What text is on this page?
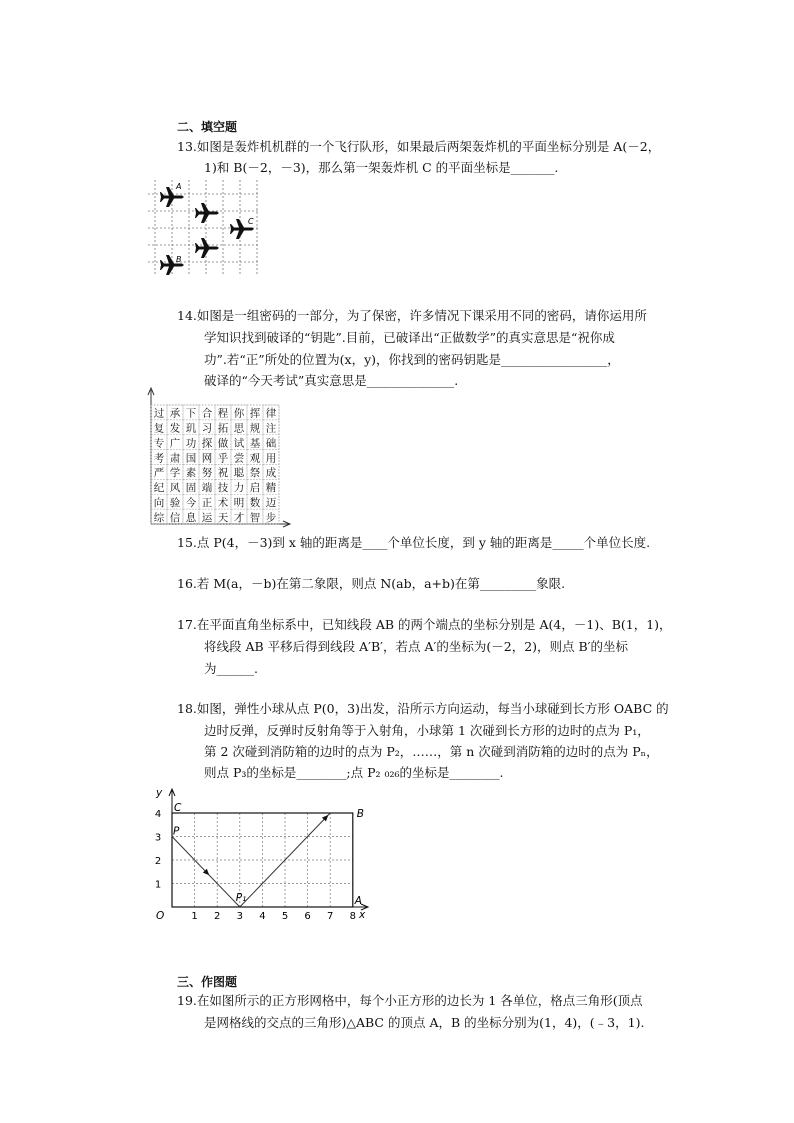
二、填空题
13.如图是轰炸机机群的一个飞行队形，如果最后两架轰炸机的平面坐标分别是 A(－2，
1)和 B(－2，－3)，那么第一架轰炸机 C 的平面坐标是_______.
A
C
B
14.如图是一组密码的一部分，为了保密，许多情况下课采用不同的密码，请你运用所
学知识找到破译的“钥匙”.目前，已破译出“正做数学”的真实意思是“祝你成
功”.若“正”所处的位置为(x，y)，你找到的密码钥匙是_________________，
破译的“今天考试”真实意思是______________.
过 承 下 合 程 你 挥 律
复 发 玑 习 拓 思 规 注
专 广 功 探 做 试 基 础
考 肃 国 网 乎 尝 观 用
严 学 素 努 祝 聪 祭 成
纪 风 固 端 技 力 启 精
向 验 今 正 术 明 数 迈
综 信 息 运 天 才 智 步
15.点 P(4，－3)到 x 轴的距离是____个单位长度，到 y 轴的距离是_____个单位长度.
16.若 M(a，－b)在第二象限，则点 N(ab，a+b)在第_________象限.
17.在平面直角坐标系中，已知线段 AB 的两个端点的坐标分别是 A(4，－1)、B(1，1)，
将线段 AB 平移后得到线段 A′B′，若点 A′的坐标为(－2，2)，则点 B′的坐标
为______.
18.如图，弹性小球从点 P(0，3)出发，沿所示方向运动，每当小球碰到长方形 OABC 的
边时反弹，反弹时反射角等于入射角，小球第 1 次碰到长方形的边时的点为 P₁，
第 2 次碰到消防箱的边时的点为 P₂，……，第 n 次碰到消防箱的边时的点为 Pₙ，
则点 P₃的坐标是________;点 P₂ ₀₂₆的坐标是________.
1 2 3 4 5 6 7 8
1
2
3
4
O
y
x
C	B
A
P
P₁
三、作图题
19.在如图所示的正方形网格中，每个小正方形的边长为 1 各单位，格点三角形(顶点
是网格线的交点的三角形)△ABC 的顶点 A，B 的坐标分别为(1，4)，(﹣3，1).
